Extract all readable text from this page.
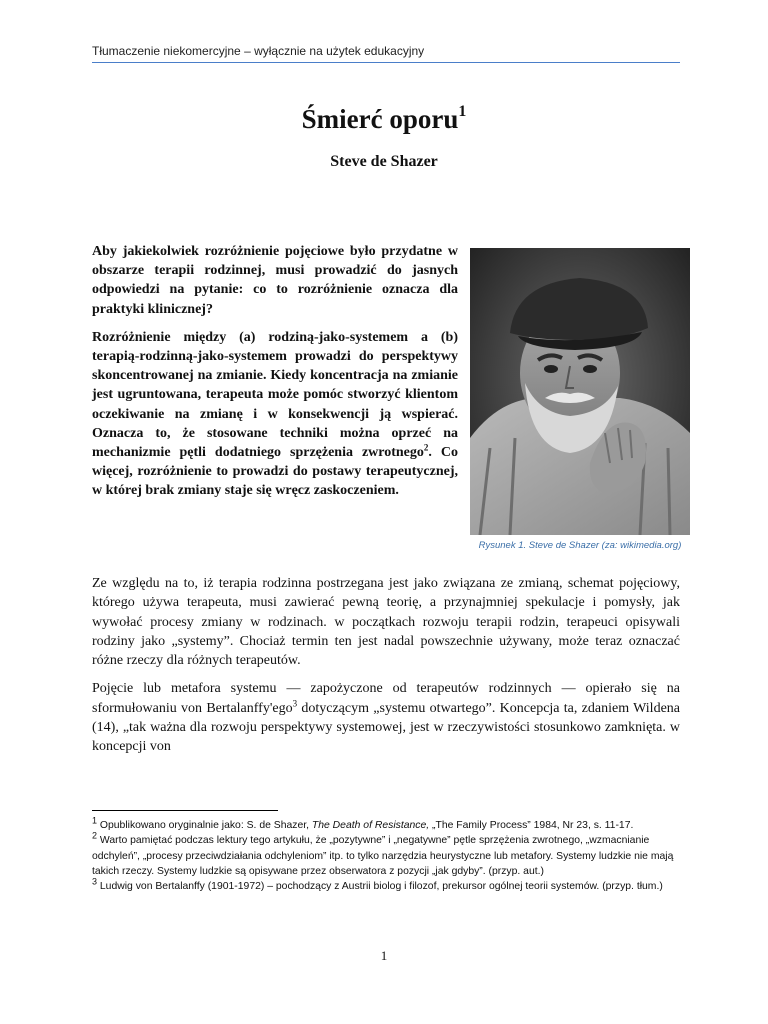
Tłumaczenie niekomercyjne – wyłącznie na użytek edukacyjny
Śmierć oporu$^1$
Steve de Shazer

Aby jakiekolwiek rozróżnienie pojęciowe było przydatne w obszarze terapii rodzinnej, musi prowadzić do jasnych odpowiedzi na pytanie: co to rozróżnienie oznacza dla praktyki klinicznej?

Rozróżnienie między (a) rodziną-jako-systemem a (b) terapią-rodzinną-jako-systemem prowadzi do perspektywy skoncentrowanej na zmianie. Kiedy koncentracja na zmianie jest ugruntowana, terapeuta może pomóc stworzyć klientom oczekiwanie na zmianę i w konsekwencji ją wspierać. Oznacza to, że stosowane techniki można oprzeć na mechanizmie pętli dodatniego sprzężenia zwrotnego$^2$. Co więcej, rozróżnienie to prowadzi do postawy terapeutycznej, w której brak zmiany staje się wręcz zaskoczeniem.

Rysunek 1. Steve de Shazer (za: wikimedia.org)

Ze względu na to, iż terapia rodzinna postrzegana jest jako związana ze zmianą, schemat pojęciowy, którego używa terapeuta, musi zawierać pewną teorię, a przynajmniej spekulacje i pomysły, jak wywołać procesy zmiany w rodzinach. w początkach rozwoju terapii rodzin, terapeuci opisywali rodziny jako „systemy”. Chociaż termin ten jest nadal powszechnie używany, może teraz oznaczać różne rzeczy dla różnych terapeutów.

Pojęcie lub metafora systemu — zapożyczone od terapeutów rodzinnych — opierało się na sformułowaniu von Bertalanffy'ego$^3$ dotyczącym „systemu otwartego”. Koncepcja ta, zdaniem Wildena (14), „tak ważna dla rozwoju perspektywy systemowej, jest w rzeczywistości stosunkowo zamknięta. w koncepcji von

$^1$ Opublikowano oryginalnie jako: S. de Shazer, The Death of Resistance, „The Family Process” 1984, Nr 23, s. 11-17.

$^2$ Warto pamiętać podczas lektury tego artykułu, że „pozytywne” i „negatywne” pętle sprzężenia zwrotnego, „wzmacnianie odchyleń”, „procesy przeciwdziałania odchyleniom” itp. to tylko narzędzia heurystyczne lub metafory. Systemy ludzkie nie mają takich rzeczy. Systemy ludzkie są opisywane przez obserwatora z pozycji „jak gdyby”. (przyp. aut.)

$^3$ Ludwig von Bertalanffy (1901-1972) – pochodzący z Austrii biolog i filozof, prekursor ogólnej teorii systemów. (przyp. tłum.)

1
